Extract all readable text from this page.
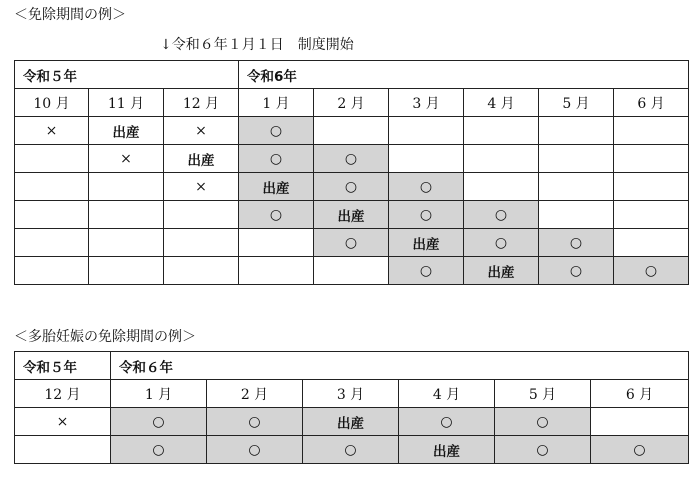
＜免除期間の例＞
↓令和６年１月１日　制度開始
令和５年			令和6年					
10 月	11 月	12 月	1 月	2 月	3 月	4 月	5 月	6 月
×	出産	×	○					
	×	出産	○	○				
		×	出産	○	○			
			○	出産	○	○		
				○	出産	○	○	
					○	出産	○	○
＜多胎妊娠の免除期間の例＞
令和５年	令和６年					
12 月	1 月	2 月	3 月	4 月	5 月	6 月
×	○	○	出産	○	○	
	○	○	○	出産	○	○
